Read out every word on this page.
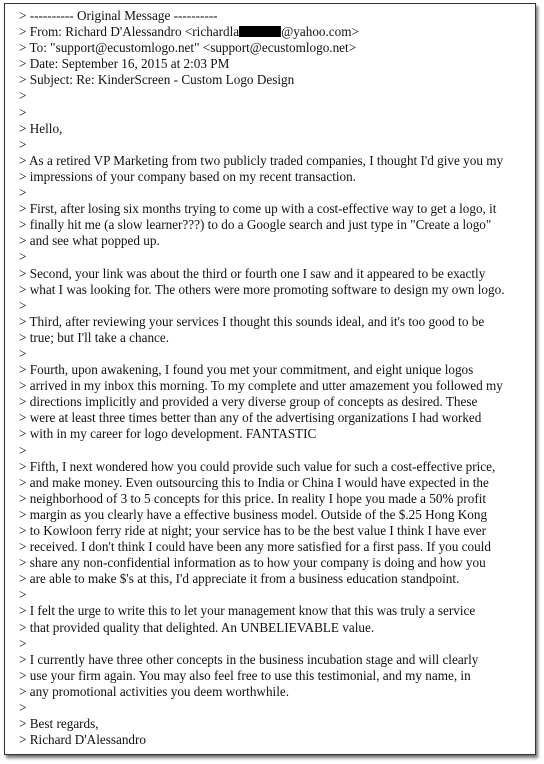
> ---------- Original Message ----------
> From: Richard D'Alessandro <richardla	@yahoo.com>
> To: "support@ecustomlogo.net" <support@ecustomlogo.net>
> Date: September 16, 2015 at 2:03 PM
> Subject: Re: KinderScreen - Custom Logo Design
>
>
> Hello,
>
> As a retired VP Marketing from two publicly traded companies, I thought I'd give you my
> impressions of your company based on my recent transaction.
>
> First, after losing six months trying to come up with a cost-effective way to get a logo, it
> finally hit me (a slow learner???) to do a Google search and just type in "Create a logo"
> and see what popped up.
>
> Second, your link was about the third or fourth one I saw and it appeared to be exactly
> what I was looking for. The others were more promoting software to design my own logo.
>
> Third, after reviewing your services I thought this sounds ideal, and it's too good to be
> true; but I'll take a chance.
>
> Fourth, upon awakening, I found you met your commitment, and eight unique logos
> arrived in my inbox this morning. To my complete and utter amazement you followed my
> directions implicitly and provided a very diverse group of concepts as desired. These
> were at least three times better than any of the advertising organizations I had worked
> with in my career for logo development. FANTASTIC
>
> Fifth, I next wondered how you could provide such value for such a cost-effective price,
> and make money. Even outsourcing this to India or China I would have expected in the
> neighborhood of 3 to 5 concepts for this price. In reality I hope you made a 50% profit
> margin as you clearly have a effective business model. Outside of the $.25 Hong Kong
> to Kowloon ferry ride at night; your service has to be the best value I think I have ever
> received. I don't think I could have been any more satisfied for a first pass. If you could
> share any non-confidential information as to how your company is doing and how you
> are able to make $'s at this, I'd appreciate it from a business education standpoint.
>
> I felt the urge to write this to let your management know that this was truly a service
> that provided quality that delighted. An UNBELIEVABLE value.
>
> I currently have three other concepts in the business incubation stage and will clearly
> use your firm again. You may also feel free to use this testimonial, and my name, in
> any promotional activities you deem worthwhile.
>
> Best regards,
> Richard D'Alessandro
